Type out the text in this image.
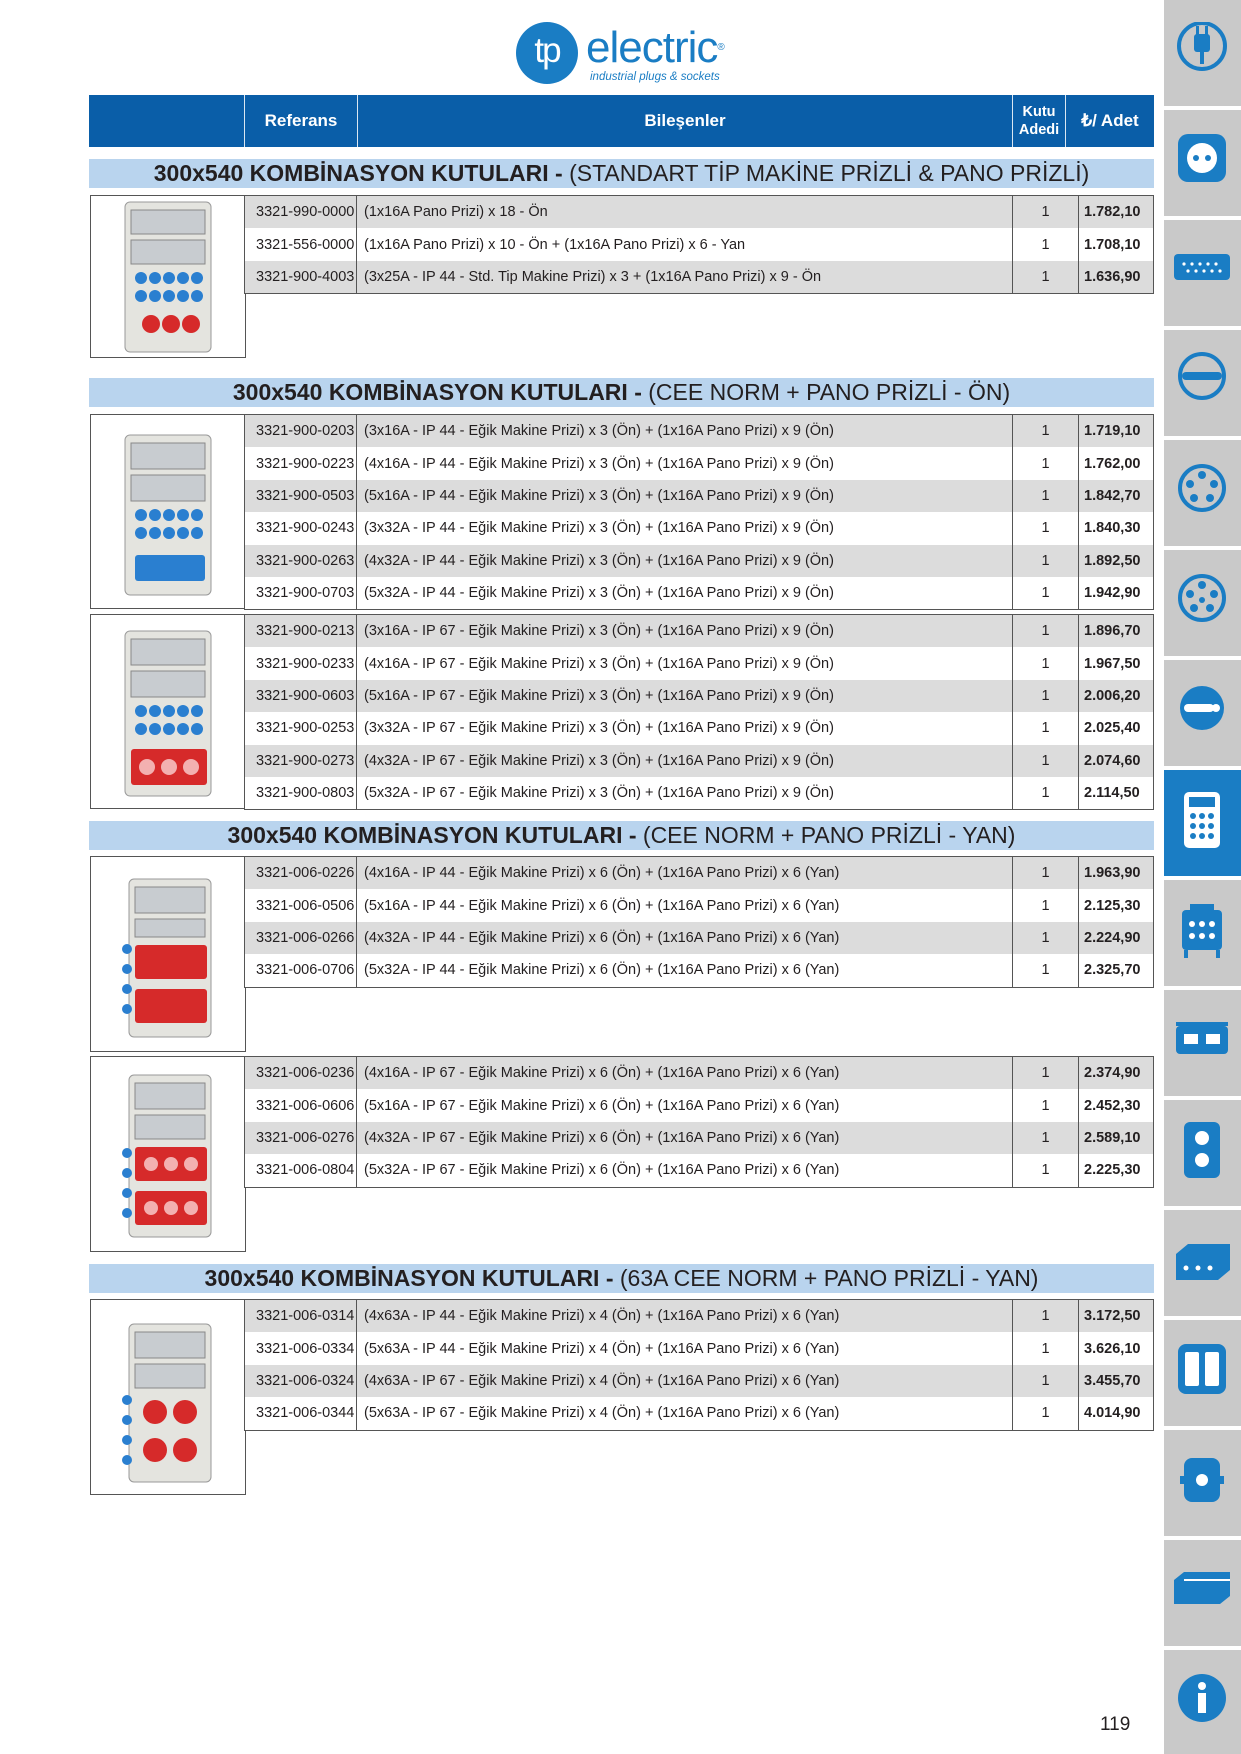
tp electric®
industrial plugs & sockets
Referans	Bileşenler	Kutu
Adedi	₺/ Adet
300x540 KOMBİNASYON KUTULARI - (STANDART TİP MAKİNE PRİZLİ & PANO PRİZLİ)
300x540 KOMBİNASYON KUTULARI - (CEE NORM + PANO PRİZLİ - ÖN)
300x540 KOMBİNASYON KUTULARI - (CEE NORM + PANO PRİZLİ - YAN)
300x540 KOMBİNASYON KUTULARI - (63A CEE NORM + PANO PRİZLİ - YAN)
3321-990-0000 (1x16A Pano Prizi) x 18 - Ön	1	1.782,10
3321-556-0000 (1x16A Pano Prizi) x 10 - Ön + (1x16A Pano Prizi) x 6 - Yan	1	1.708,10
3321-900-4003 (3x25A - IP 44 - Std. Tip Makine Prizi) x 3 + (1x16A Pano Prizi) x 9 - Ön	1	1.636,90
3321-900-0203 (3x16A - IP 44 - Eğik Makine Prizi) x 3 (Ön) + (1x16A Pano Prizi) x 9 (Ön)	1	1.719,10
3321-900-0223 (4x16A - IP 44 - Eğik Makine Prizi) x 3 (Ön) + (1x16A Pano Prizi) x 9 (Ön)	1	1.762,00
3321-900-0503 (5x16A - IP 44 - Eğik Makine Prizi) x 3 (Ön) + (1x16A Pano Prizi) x 9 (Ön)	1	1.842,70
3321-900-0243 (3x32A - IP 44 - Eğik Makine Prizi) x 3 (Ön) + (1x16A Pano Prizi) x 9 (Ön)	1	1.840,30
3321-900-0263 (4x32A - IP 44 - Eğik Makine Prizi) x 3 (Ön) + (1x16A Pano Prizi) x 9 (Ön)	1	1.892,50
3321-900-0703 (5x32A - IP 44 - Eğik Makine Prizi) x 3 (Ön) + (1x16A Pano Prizi) x 9 (Ön)	1	1.942,90
3321-900-0213 (3x16A - IP 67 - Eğik Makine Prizi) x 3 (Ön) + (1x16A Pano Prizi) x 9 (Ön)	1	1.896,70
3321-900-0233 (4x16A - IP 67 - Eğik Makine Prizi) x 3 (Ön) + (1x16A Pano Prizi) x 9 (Ön)	1	1.967,50
3321-900-0603 (5x16A - IP 67 - Eğik Makine Prizi) x 3 (Ön) + (1x16A Pano Prizi) x 9 (Ön)	1	2.006,20
3321-900-0253 (3x32A - IP 67 - Eğik Makine Prizi) x 3 (Ön) + (1x16A Pano Prizi) x 9 (Ön)	1	2.025,40
3321-900-0273 (4x32A - IP 67 - Eğik Makine Prizi) x 3 (Ön) + (1x16A Pano Prizi) x 9 (Ön)	1	2.074,60
3321-900-0803 (5x32A - IP 67 - Eğik Makine Prizi) x 3 (Ön) + (1x16A Pano Prizi) x 9 (Ön)	1	2.114,50
3321-006-0226 (4x16A - IP 44 - Eğik Makine Prizi) x 6 (Ön) + (1x16A Pano Prizi) x 6 (Yan)	1	1.963,90
3321-006-0506 (5x16A - IP 44 - Eğik Makine Prizi) x 6 (Ön) + (1x16A Pano Prizi) x 6 (Yan)	1	2.125,30
3321-006-0266 (4x32A - IP 44 - Eğik Makine Prizi) x 6 (Ön) + (1x16A Pano Prizi) x 6 (Yan)	1	2.224,90
3321-006-0706 (5x32A - IP 44 - Eğik Makine Prizi) x 6 (Ön) + (1x16A Pano Prizi) x 6 (Yan)	1	2.325,70
3321-006-0236 (4x16A - IP 67 - Eğik Makine Prizi) x 6 (Ön) + (1x16A Pano Prizi) x 6 (Yan)	1	2.374,90
3321-006-0606 (5x16A - IP 67 - Eğik Makine Prizi) x 6 (Ön) + (1x16A Pano Prizi) x 6 (Yan)	1	2.452,30
3321-006-0276 (4x32A - IP 67 - Eğik Makine Prizi) x 6 (Ön) + (1x16A Pano Prizi) x 6 (Yan)	1	2.589,10
3321-006-0804 (5x32A - IP 67 - Eğik Makine Prizi) x 6 (Ön) + (1x16A Pano Prizi) x 6 (Yan)	1	2.225,30
3321-006-0314 (4x63A - IP 44 - Eğik Makine Prizi) x 4 (Ön) + (1x16A Pano Prizi) x 6 (Yan)	1	3.172,50
3321-006-0334 (5x63A - IP 44 - Eğik Makine Prizi) x 4 (Ön) + (1x16A Pano Prizi) x 6 (Yan)	1	3.626,10
3321-006-0324 (4x63A - IP 67 - Eğik Makine Prizi) x 4 (Ön) + (1x16A Pano Prizi) x 6 (Yan)	1	3.455,70
3321-006-0344 (5x63A - IP 67 - Eğik Makine Prizi) x 4 (Ön) + (1x16A Pano Prizi) x 6 (Yan)	1	4.014,90
119
